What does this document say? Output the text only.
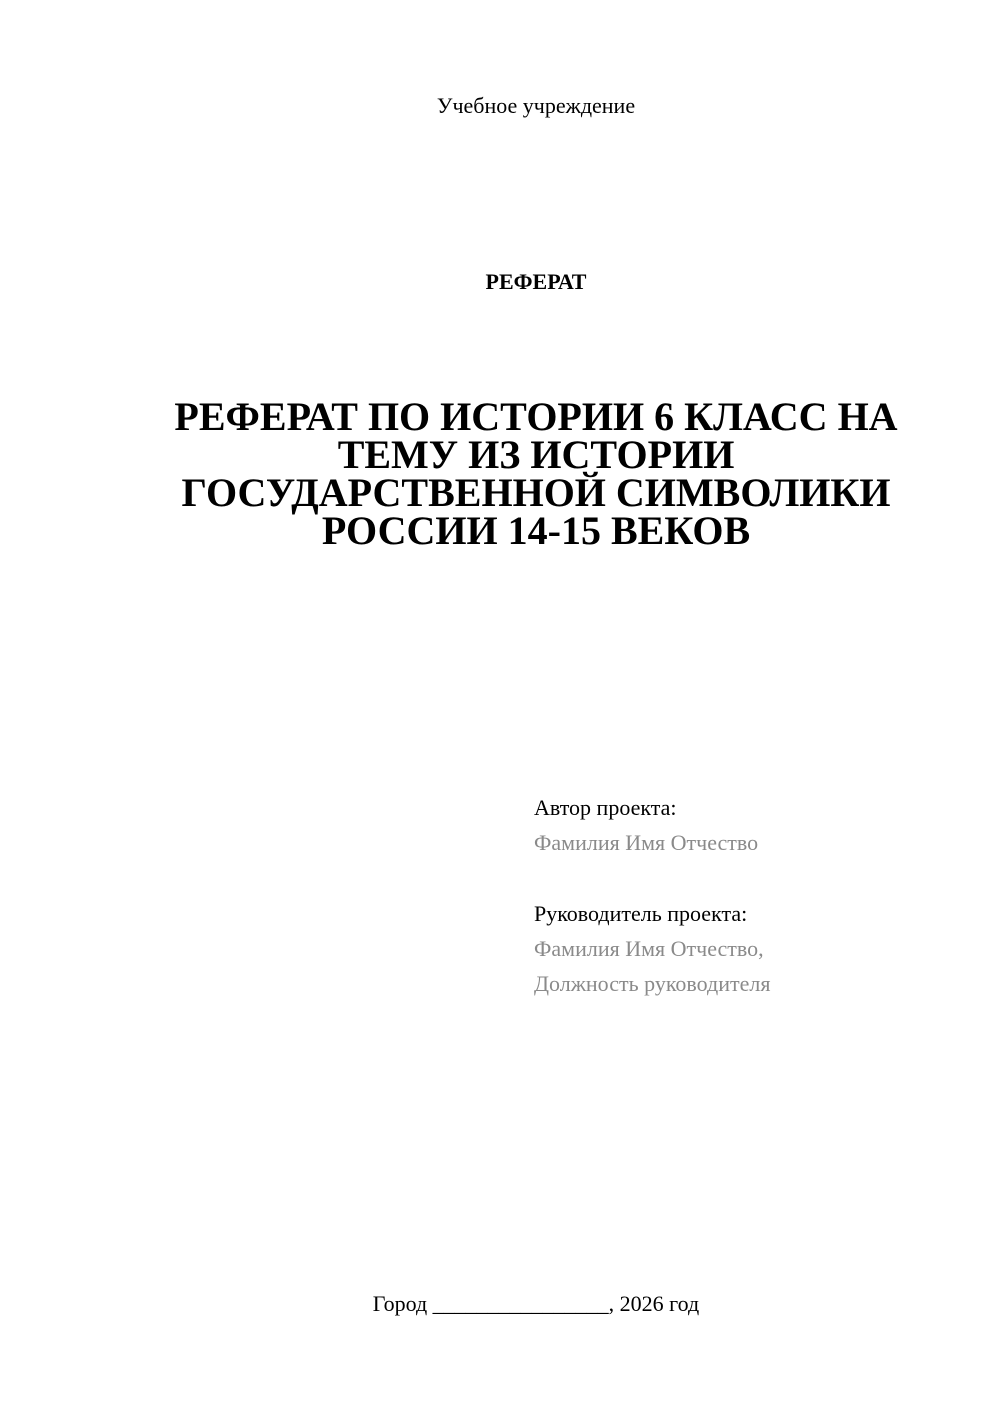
Учебное учреждение
РЕФЕРАТ
РЕФЕРАТ ПО ИСТОРИИ 6 КЛАСС НА
ТЕМУ ИЗ ИСТОРИИ
ГОСУДАРСТВЕННОЙ СИМВОЛИКИ
РОССИИ 14-15 ВЕКОВ
Автор проекта:
Фамилия Имя Отчество
Руководитель проекта:
Фамилия Имя Отчество,
Должность руководителя
Город ________________, 2026 год
